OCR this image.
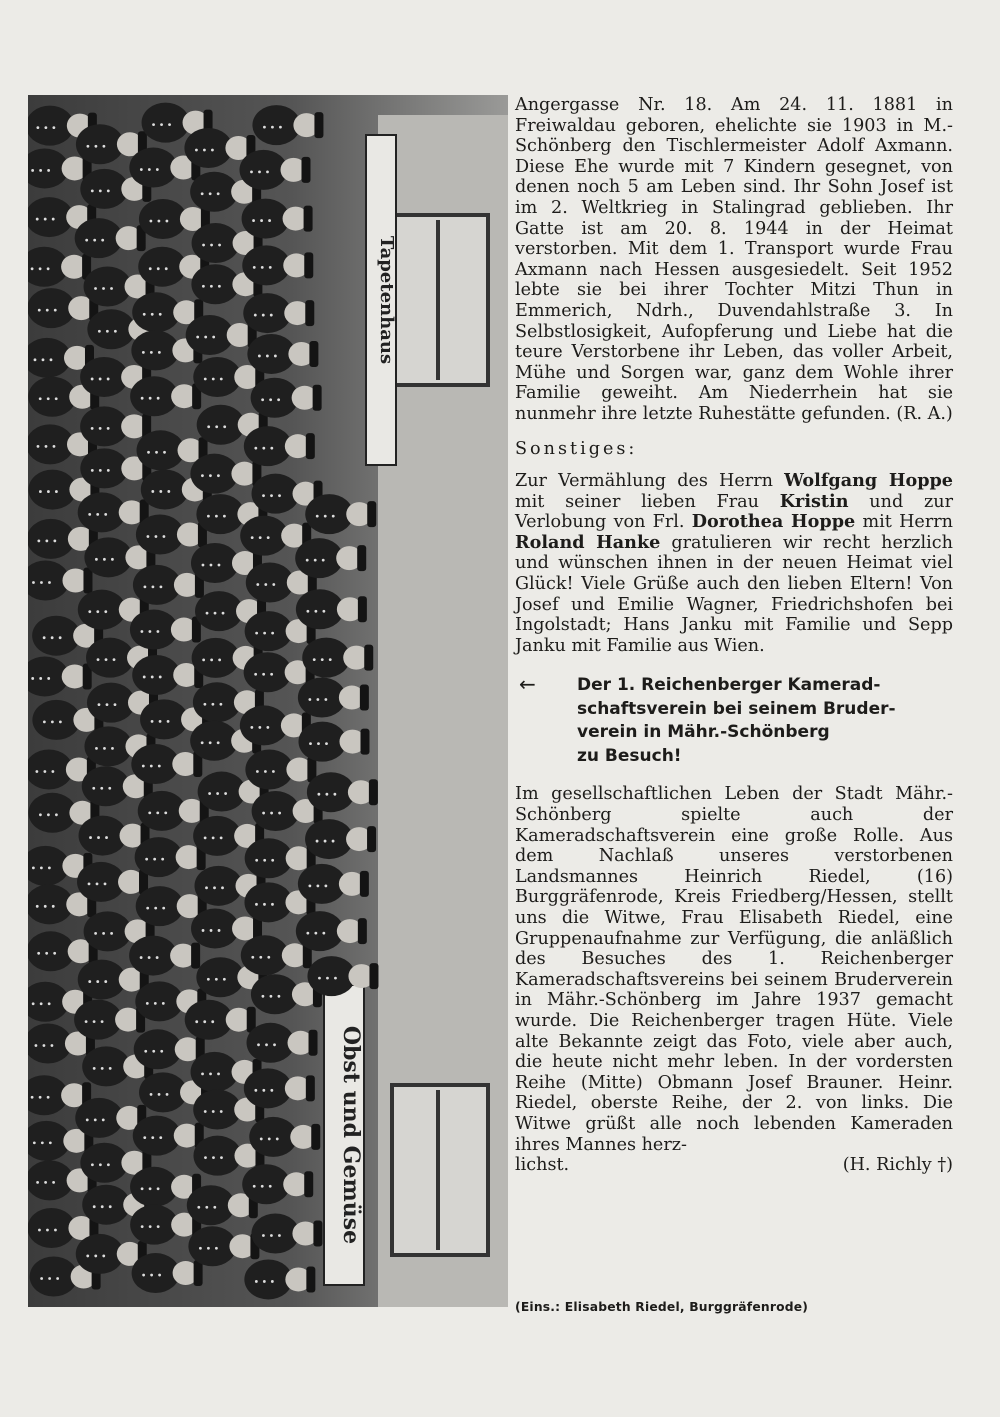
Tapetenhaus
Obst und Gemüse

Angergasse Nr. 18. Am 24. 11. 1881 in Freiwaldau geboren, ehelichte sie 1903 in M.-Schönberg den Tischlermeister Adolf Axmann. Diese Ehe wurde mit 7 Kindern gesegnet, von denen noch 5 am Leben sind. Ihr Sohn Josef ist im 2. Weltkrieg in Stalingrad geblieben. Ihr Gatte ist am 20. 8. 1944 in der Heimat verstorben. Mit dem 1. Transport wurde Frau Axmann nach Hessen ausgesiedelt. Seit 1952 lebte sie bei ihrer Tochter Mitzi Thun in Emmerich, Ndrh., Duvendahlstraße 3. In Selbstlosigkeit, Aufopferung und Liebe hat die teure Verstorbene ihr Leben, das voller Arbeit, Mühe und Sorgen war, ganz dem Wohle ihrer Familie geweiht. Am Niederrhein hat sie nunmehr ihre letzte Ruhestätte gefunden. (R. A.)

Sonstiges:

Zur Vermählung des Herrn Wolfgang Hoppe mit seiner lieben Frau Kristin und zur Verlobung von Frl. Dorothea Hoppe mit Herrn Roland Hanke gratulieren wir recht herzlich und wünschen ihnen in der neuen Heimat viel Glück! Viele Grüße auch den lieben Eltern! Von Josef und Emilie Wagner, Friedrichshofen bei Ingolstadt; Hans Janku mit Familie und Sepp Janku mit Familie aus Wien.

←	Der 1. Reichenberger Kamerad-
schaftsverein bei seinem Bruder-
verein in Mähr.-Schönberg
zu Besuch!

Im gesellschaftlichen Leben der Stadt Mähr.-Schönberg spielte auch der Kameradschaftsverein eine große Rolle. Aus dem Nachlaß unseres verstorbenen Landsmannes Heinrich Riedel, (16) Burggräfenrode, Kreis Friedberg/Hessen, stellt uns die Witwe, Frau Elisabeth Riedel, eine Gruppenaufnahme zur Verfügung, die anläßlich des Besuches des 1. Reichenberger Kameradschaftsvereins bei seinem Bruderverein in Mähr.-Schönberg im Jahre 1937 gemacht wurde. Die Reichenberger tragen Hüte. Viele alte Bekannte zeigt das Foto, viele aber auch, die heute nicht mehr leben. In der vordersten Reihe (Mitte) Obmann Josef Brauner. Heinr. Riedel, oberste Reihe, der 2. von links. Die Witwe grüßt alle noch lebenden Kameraden ihres Mannes herz-

lichst.	(H. Richly †)
(Eins.: Elisabeth Riedel, Burggräfenrode)
